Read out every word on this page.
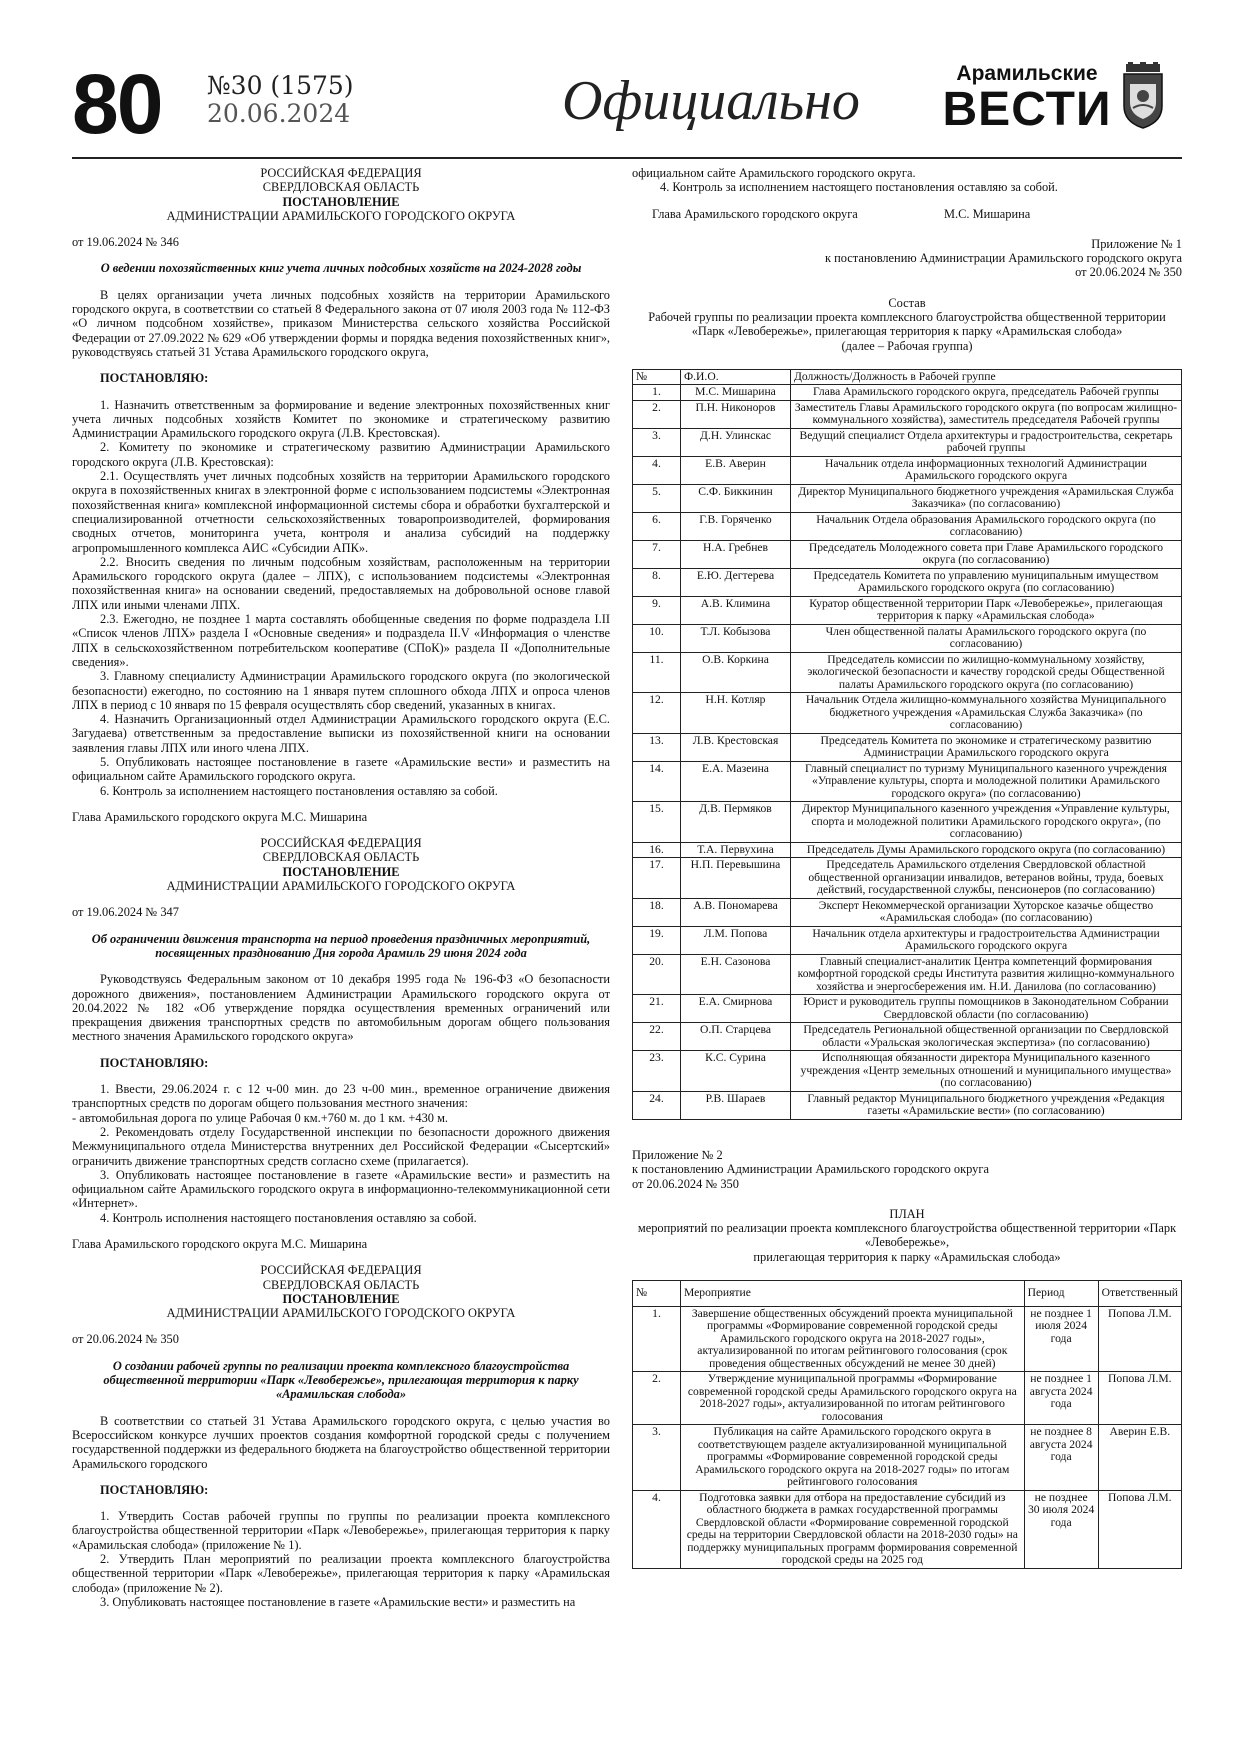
80 №30 (1575)
20.06.2024	Официально	Арамильские
ВЕСТИ

РОССИЙСКАЯ ФЕДЕРАЦИЯ

СВЕРДЛОВСКАЯ ОБЛАСТЬ

ПОСТАНОВЛЕНИЕ

АДМИНИСТРАЦИИ АРАМИЛЬСКОГО ГОРОДСКОГО ОКРУГА

от 19.06.2024 № 346

О ведении похозяйственных книг учета личных подсобных хозяйств на 2024-2028 годы

В целях организации учета личных подсобных хозяйств на территории Арамильского городского округа, в соответствии со статьей 8 Федерального закона от 07 июля 2003 года № 112-ФЗ «О личном подсобном хозяйстве», приказом Министерства сельского хозяйства Российской Федерации от 27.09.2022 № 629 «Об утверждении формы и порядка ведения похозяйственных книг», руководствуясь статьей 31 Устава Арамильского городского округа,

ПОСТАНОВЛЯЮ:

1. Назначить ответственным за формирование и ведение электронных похозяйственных книг учета личных подсобных хозяйств Комитет по экономике и стратегическому развитию Администрации Арамильского городского округа (Л.В. Крестовская).

2. Комитету по экономике и стратегическому развитию Администрации Арамильского городского округа (Л.В. Крестовская):

2.1. Осуществлять учет личных подсобных хозяйств на территории Арамильского городского округа в похозяйственных книгах в электронной форме с использованием подсистемы «Электронная похозяйственная книга» комплексной информационной системы сбора и обработки бухгалтерской и специализированной отчетности сельскохозяйственных товаропроизводителей, формирования сводных отчетов, мониторинга учета, контроля и анализа субсидий на поддержку агропромышленного комплекса АИС «Субсидии АПК».

2.2. Вносить сведения по личным подсобным хозяйствам, расположенным на территории Арамильского городского округа (далее – ЛПХ), с использованием подсистемы «Электронная похозяйственная книга» на основании сведений, предоставляемых на добровольной основе главой ЛПХ или иными членами ЛПХ.

2.3. Ежегодно, не позднее 1 марта составлять обобщенные сведения по форме подраздела I.II «Список членов ЛПХ» раздела I «Основные сведения» и подраздела II.V «Информация о членстве ЛПХ в сельскохозяйственном потребительском кооперативе (СПоК)» раздела II «Дополнительные сведения».

3. Главному специалисту Администрации Арамильского городского округа (по экологической безопасности) ежегодно, по состоянию на 1 января путем сплошного обхода ЛПХ и опроса членов ЛПХ в период с 10 января по 15 февраля осуществлять сбор сведений, указанных в книгах.

4. Назначить Организационный отдел Администрации Арамильского городского округа (Е.С. Загудаева) ответственным за предоставление выписки из похозяйственной книги на основании заявления главы ЛПХ или иного члена ЛПХ.

5. Опубликовать настоящее постановление в газете «Арамильские вести» и разместить на официальном сайте Арамильского городского округа.

6. Контроль за исполнением настоящего постановления оставляю за собой.

Глава Арамильского городского округа М.С. Мишарина

РОССИЙСКАЯ ФЕДЕРАЦИЯ

СВЕРДЛОВСКАЯ ОБЛАСТЬ

ПОСТАНОВЛЕНИЕ

АДМИНИСТРАЦИИ АРАМИЛЬСКОГО ГОРОДСКОГО ОКРУГА

от 19.06.2024 № 347

Об ограничении движения транспорта на период проведения праздничных мероприятий, посвященных празднованию Дня города Арамиль 29 июня 2024 года

Руководствуясь Федеральным законом от 10 декабря 1995 года № 196-ФЗ «О безопасности дорожного движения», постановлением Администрации Арамильского городского округа от 20.04.2022 № 182 «Об утверждение порядка осуществления временных ограничений или прекращения движения транспортных средств по автомобильным дорогам общего пользования местного значения Арамильского городского округа»

ПОСТАНОВЛЯЮ:

1. Ввести, 29.06.2024 г. с 12 ч-00 мин. до 23 ч-00 мин., временное ограничение движения транспортных средств по дорогам общего пользования местного значения:

- автомобильная дорога по улице Рабочая 0 км.+760 м. до 1 км. +430 м.

2. Рекомендовать отделу Государственной инспекции по безопасности дорожного движения Межмуниципального отдела Министерства внутренних дел Российской Федерации «Сысертский» ограничить движение транспортных средств согласно схеме (прилагается).

3. Опубликовать настоящее постановление в газете «Арамильские вести» и разместить на официальном сайте Арамильского городского округа в информационно-телекоммуникационной сети «Интернет».

4. Контроль исполнения настоящего постановления оставляю за собой.

Глава Арамильского городского округа М.С. Мишарина

РОССИЙСКАЯ ФЕДЕРАЦИЯ

СВЕРДЛОВСКАЯ ОБЛАСТЬ

ПОСТАНОВЛЕНИЕ

АДМИНИСТРАЦИИ АРАМИЛЬСКОГО ГОРОДСКОГО ОКРУГА

от 20.06.2024 № 350

О создании рабочей группы по реализации проекта комплексного благоустройства общественной территории «Парк «Левобережье», прилегающая территория к парку «Арамильская слобода»

В соответствии со статьей 31 Устава Арамильского городского округа, с целью участия во Всероссийском конкурсе лучших проектов создания комфортной городской среды с получением государственной поддержки из федерального бюджета на благоустройство общественной территории Арамильского городского

ПОСТАНОВЛЯЮ:

1. Утвердить Состав рабочей группы по группы по реализации проекта комплексного благоустройства общественной территории «Парк «Левобережье», прилегающая территория к парку «Арамильская слобода» (приложение № 1).

2. Утвердить План мероприятий по реализации проекта комплексного благоустройства общественной территории «Парк «Левобережье», прилегающая территория к парку «Арамильская слобода» (приложение № 2).

3. Опубликовать настоящее постановление в газете «Арамильские вести» и разместить на

официальном сайте Арамильского городского округа.

4. Контроль за исполнением настоящего постановления оставляю за собой.

Глава Арамильского городского округа	М.С. Мишарина

Приложение № 1

к постановлению Администрации Арамильского городского округа

от 20.06.2024 № 350

Состав

Рабочей группы по реализации проекта комплексного благоустройства общественной территории «Парк «Левобережье», прилегающая территория к парку «Арамильская слобода»

(далее – Рабочая группа)

№	Ф.И.О.	Должность/Должность в Рабочей группе
1.	М.С. Мишарина	Глава Арамильского городского округа, председатель Рабочей группы
2.	П.Н. Никоноров	Заместитель Главы Арамильского городского округа (по вопросам жилищно-коммунального хозяйства), заместитель председателя Рабочей группы
3.	Д.Н. Улинскас	Ведущий специалист Отдела архитектуры и градостроительства, секретарь рабочей группы
4.	Е.В. Аверин	Начальник отдела информационных технологий Администрации Арамильского городского округа
5.	С.Ф. Биккинин	Директор Муниципального бюджетного учреждения «Арамильская Служба Заказчика» (по согласованию)
6.	Г.В. Горяченко	Начальник Отдела образования Арамильского городского округа (по согласованию)
7.	Н.А. Гребнев	Председатель Молодежного совета при Главе Арамильского городского округа (по согласованию)
8.	Е.Ю. Дегтерева	Председатель Комитета по управлению муниципальным имуществом Арамильского городского округа (по согласованию)
9.	А.В. Климина	Куратор общественной территории Парк «Левобережье», прилегающая территория к парку «Арамильская слобода»
10.	Т.Л. Кобызова	Член общественной палаты Арамильского городского округа (по согласованию)
11.	О.В. Коркина	Председатель комиссии по жилищно-коммунальному хозяйству, экологической безопасности и качеству городской среды Общественной палаты Арамильского городского округа (по согласованию)
12.	Н.Н. Котляр	Начальник Отдела жилищно-коммунального хозяйства Муниципального бюджетного учреждения «Арамильская Служба Заказчика» (по согласованию)
13.	Л.В. Крестовская	Председатель Комитета по экономике и стратегическому развитию Администрации Арамильского городского округа
14.	Е.А. Мазеина	Главный специалист по туризму Муниципального казенного учреждения «Управление культуры, спорта и молодежной политики Арамильского городского округа» (по согласованию)
15.	Д.В. Пермяков	Директор Муниципального казенного учреждения «Управление культуры, спорта и молодежной политики Арамильского городского округа», (по согласованию)
16.	Т.А. Первухина	Председатель Думы Арамильского городского округа (по согласованию)
17.	Н.П. Перевышина	Председатель Арамильского отделения Свердловской областной общественной организации инвалидов, ветеранов войны, труда, боевых действий, государственной службы, пенсионеров (по согласованию)
18.	А.В. Пономарева	Эксперт Некоммерческой организации Хуторское казачье общество «Арамильская слобода» (по согласованию)
19.	Л.М. Попова	Начальник отдела архитектуры и градостроительства Администрации Арамильского городского округа
20.	Е.Н. Сазонова	Главный специалист-аналитик Центра компетенций формирования комфортной городской среды Института развития жилищно-коммунального хозяйства и энергосбережения им. Н.И. Данилова (по согласованию)
21.	Е.А. Смирнова	Юрист и руководитель группы помощников в Законодательном Собрании Свердловской области (по согласованию)
22.	О.П. Старцева	Председатель Региональной общественной организации по Свердловской области «Уральская экологическая экспертиза» (по согласованию)
23.	К.С. Сурина	Исполняющая обязанности директора Муниципального казенного учреждения «Центр земельных отношений и муниципального имущества» (по согласованию)
24.	Р.В. Шараев	Главный редактор Муниципального бюджетного учреждения «Редакция газеты «Арамильские вести» (по согласованию)

Приложение № 2

к постановлению Администрации Арамильского городского округа

от 20.06.2024 № 350

ПЛАН

мероприятий по реализации проекта комплексного благоустройства общественной территории «Парк «Левобережье»,

прилегающая территория к парку «Арамильская слобода»

№	Мероприятие	Период	Ответственный
1.	Завершение общественных обсуждений проекта муниципальной программы «Формирование современной городской среды Арамильского городского округа на 2018-2027 годы», актуализированной по итогам рейтингового голосования (срок проведения общественных обсуждений не менее 30 дней)	не позднее 1 июля 2024 года	Попова Л.М.
2.	Утверждение муниципальной программы «Формирование современной городской среды Арамильского городского округа на 2018-2027 годы», актуализированной по итогам рейтингового голосования	не позднее 1 августа 2024 года	Попова Л.М.
3.	Публикация на сайте Арамильского городского округа в соответствующем разделе актуализированной муниципальной программы «Формирование современной городской среды Арамильского городского округа на 2018-2027 годы» по итогам рейтингового голосования	не позднее 8 августа 2024 года	Аверин Е.В.
4.	Подготовка заявки для отбора на предоставление субсидий из областного бюджета в рамках государственной программы Свердловской области «Формирование современной городской среды на территории Свердловской области на 2018-2030 годы» на поддержку муниципальных программ формирования современной городской среды на 2025 год	не позднее 30 июля 2024 года	Попова Л.М.
